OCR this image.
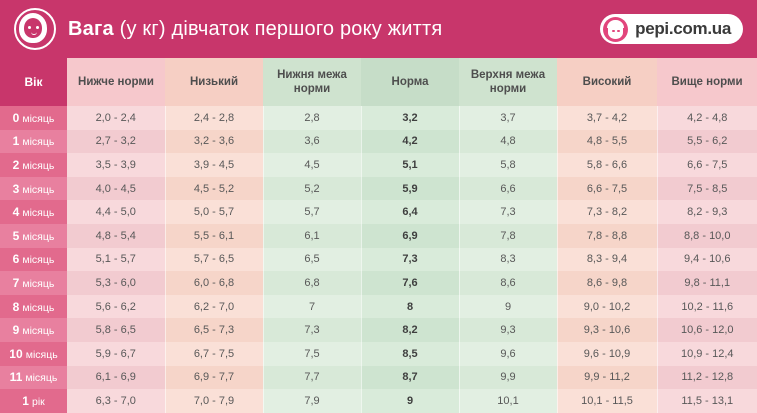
Вага (у кг) дівчаток першого року життя	pepi.com.ua
Вік	Нижче норми	Низький	Нижня межа норми	Норма	Верхня межа норми	Високий	Вище норми
0 місяць	2,0 - 2,4	2,4 - 2,8	2,8	3,2	3,7	3,7 - 4,2	4,2 - 4,8
1 місяць	2,7 - 3,2	3,2 - 3,6	3,6	4,2	4,8	4,8 - 5,5	5,5 - 6,2
2 місяць	3,5 - 3,9	3,9 - 4,5	4,5	5,1	5,8	5,8 - 6,6	6,6 - 7,5
3 місяць	4,0 - 4,5	4,5 - 5,2	5,2	5,9	6,6	6,6 - 7,5	7,5 - 8,5
4 місяць	4,4 - 5,0	5,0 - 5,7	5,7	6,4	7,3	7,3 - 8,2	8,2 - 9,3
5 місяць	4,8 - 5,4	5,5 - 6,1	6,1	6,9	7,8	7,8 - 8,8	8,8 - 10,0
6 місяць	5,1 - 5,7	5,7 - 6,5	6,5	7,3	8,3	8,3 - 9,4	9,4 - 10,6
7 місяць	5,3 - 6,0	6,0 - 6,8	6,8	7,6	8,6	8,6 - 9,8	9,8 - 11,1
8 місяць	5,6 - 6,2	6,2 - 7,0	7	8	9	9,0 - 10,2	10,2 - 11,6
9 місяць	5,8 - 6,5	6,5 - 7,3	7,3	8,2	9,3	9,3 - 10,6	10,6 - 12,0
10 місяць	5,9 - 6,7	6,7 - 7,5	7,5	8,5	9,6	9,6 - 10,9	10,9 - 12,4
11 місяць	6,1 - 6,9	6,9 - 7,7	7,7	8,7	9,9	9,9 - 11,2	11,2 - 12,8
1 рік	6,3 - 7,0	7,0 - 7,9	7,9	9	10,1	10,1 - 11,5	11,5 - 13,1
